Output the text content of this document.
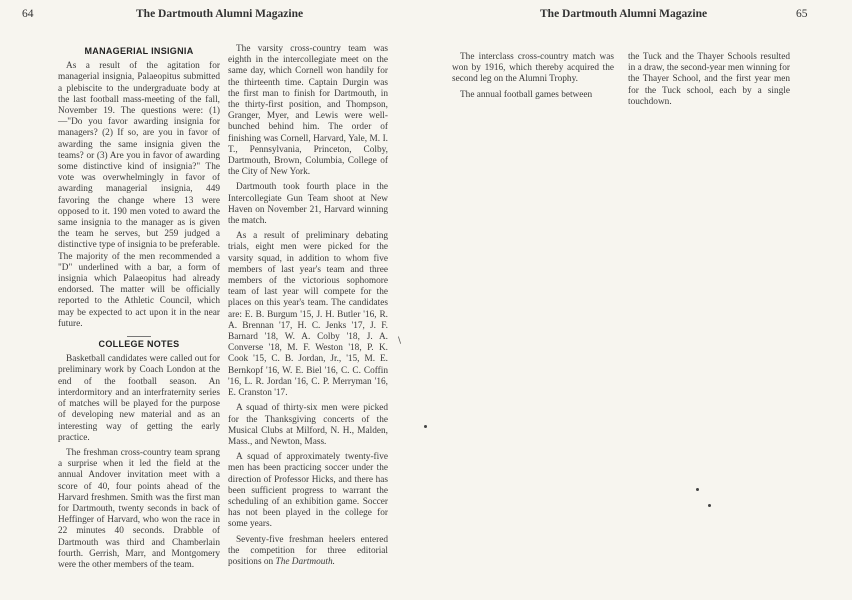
64	The Dartmouth Alumni Magazine
MANAGERIAL INSIGNIA

As a result of the agitation for managerial insignia, Palaeopitus submitted a plebiscite to the undergraduate body at the last football mass-meeting of the fall, November 19. The questions were: (1)—"Do you favor awarding insignia for managers? (2) If so, are you in favor of awarding the same insignia given the teams? or (3) Are you in favor of awarding some distinctive kind of insignia?" The vote was overwhelmingly in favor of awarding managerial insignia, 449 favoring the change where 13 were opposed to it. 190 men voted to award the same insignia to the manager as is given the team he serves, but 259 judged a distinctive type of insignia to be preferable. The majority of the men recommended a "D" underlined with a bar, a form of insignia which Palaeopitus had already endorsed. The matter will be officially reported to the Athletic Council, which may be expected to act upon it in the near future.

COLLEGE NOTES

Basketball candidates were called out for preliminary work by Coach London at the end of the football season. An interdormitory and an interfraternity series of matches will be played for the purpose of developing new material and as an interesting way of getting the early practice.

The freshman cross-country team sprang a surprise when it led the field at the annual Andover invitation meet with a score of 40, four points ahead of the Harvard freshmen. Smith was the first man for Dartmouth, twenty seconds in back of Heffinger of Harvard, who won the race in 22 minutes 40 seconds. Drabble of Dartmouth was third and Chamberlain fourth. Gerrish, Marr, and Montgomery were the other members of the team.

The varsity cross-country team was eighth in the intercollegiate meet on the same day, which Cornell won handily for the thirteenth time. Captain Durgin was the first man to finish for Dartmouth, in the thirty-first position, and Thompson, Granger, Myer, and Lewis were well-bunched behind him. The order of finishing was Cornell, Harvard, Yale, M. I. T., Pennsylvania, Princeton, Colby, Dartmouth, Brown, Columbia, College of the City of New York.

Dartmouth took fourth place in the Intercollegiate Gun Team shoot at New Haven on November 21, Harvard winning the match.

As a result of preliminary debating trials, eight men were picked for the varsity squad, in addition to whom five members of last year's team and three members of the victorious sophomore team of last year will compete for the places on this year's team. The candidates are: E. B. Burgum '15, J. H. Butler '16, R. A. Brennan '17, H. C. Jenks '17, J. F. Barnard '18, W. A. Colby '18, J. A. Converse '18, M. F. Weston '18, P. K. Cook '15, C. B. Jordan, Jr., '15, M. E. Bernkopf '16, W. E. Biel '16, C. C. Coffin '16, L. R. Jordan '16, C. P. Merryman '16, E. Cranston '17.

A squad of thirty-six men were picked for the Thanksgiving concerts of the Musical Clubs at Milford, N. H., Malden, Mass., and Newton, Mass.

A squad of approximately twenty-five men has been practicing soccer under the direction of Professor Hicks, and there has been sufficient progress to warrant the scheduling of an exhibition game. Soccer has not been played in the college for some years.

Seventy-five freshman heelers entered the competition for three editorial positions on The Dartmouth.

\
The Dartmouth Alumni Magazine	65

The interclass cross-country match was won by 1916, which thereby acquired the second leg on the Alumni Trophy.

The annual football games between

the Tuck and the Thayer Schools resulted in a draw, the second-year men winning for the Thayer School, and the first year men for the Tuck school, each by a single touchdown.
